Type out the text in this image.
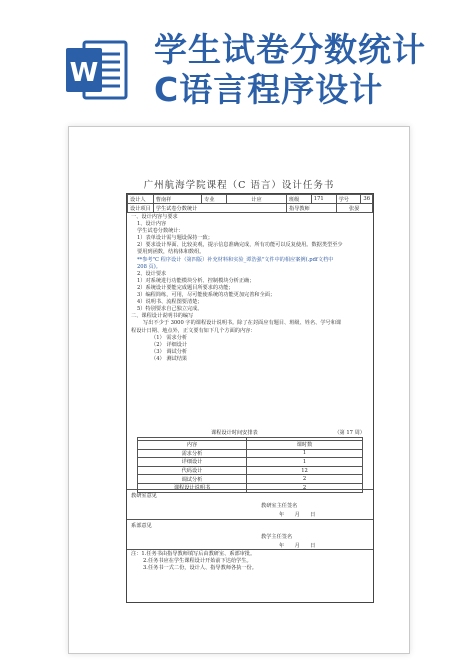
W
学生试卷分数统计
C语言程序设计
广州航海学院课程（C 语言）设计任务书
设计人	曹南祥	专业	计应	班级	171	学号	36
设计项目	学生试卷分数统计			指导教师		张晏	

一、设计内容与要求

1、设计内容

学生试卷分数统计：

1）表单设计需与题设保持一致；

2）要求设计界面、比较美观，提示信息准确完成，所有功能可以反复使用。数据类型至少

要用到函数，结构体和数组。

**参考"C 程序设计（第四版）补充材料和实验_谭浩强"文件中的相应案例(.pdf文档中

208 页)。

2、设计要求

1）对系统进行功能模块分析、控制模块分析正确；

2）系统设计要能完成题目所要求的功能；

3）编程简练，可用，尽可能使系统的功能更加完善和全面；

4）说明书、流程图要清楚；

5）特别要求自己独立完成。

二、课程设计说明书的编写

写出不少于 3000 字的课程设计说明书。除了在封面应有题目、班级、姓名、学号和课

程设计日期、地点外，正文要有如下几个方面的内容：

（1） 需求分析

（2） 详细设计

（3） 调试分析

（4） 测试结果

课程设计时间安排表	（第 17 周）

内容	课时数
需求分析	1
详细设计	1
代码设计	12
调试分析	2
课程设计说明书	2
教研室意见
教研室主任签名
年　　月　　日
系部意见
教学主任签名
年　　月　　日

注：1.任务书由指导教师填写后由教研室、系部审批。

2.任务书应在学生课程设计开始前下达给学生。

3.任务书一式二份，设计人、指导教师各执一份。
